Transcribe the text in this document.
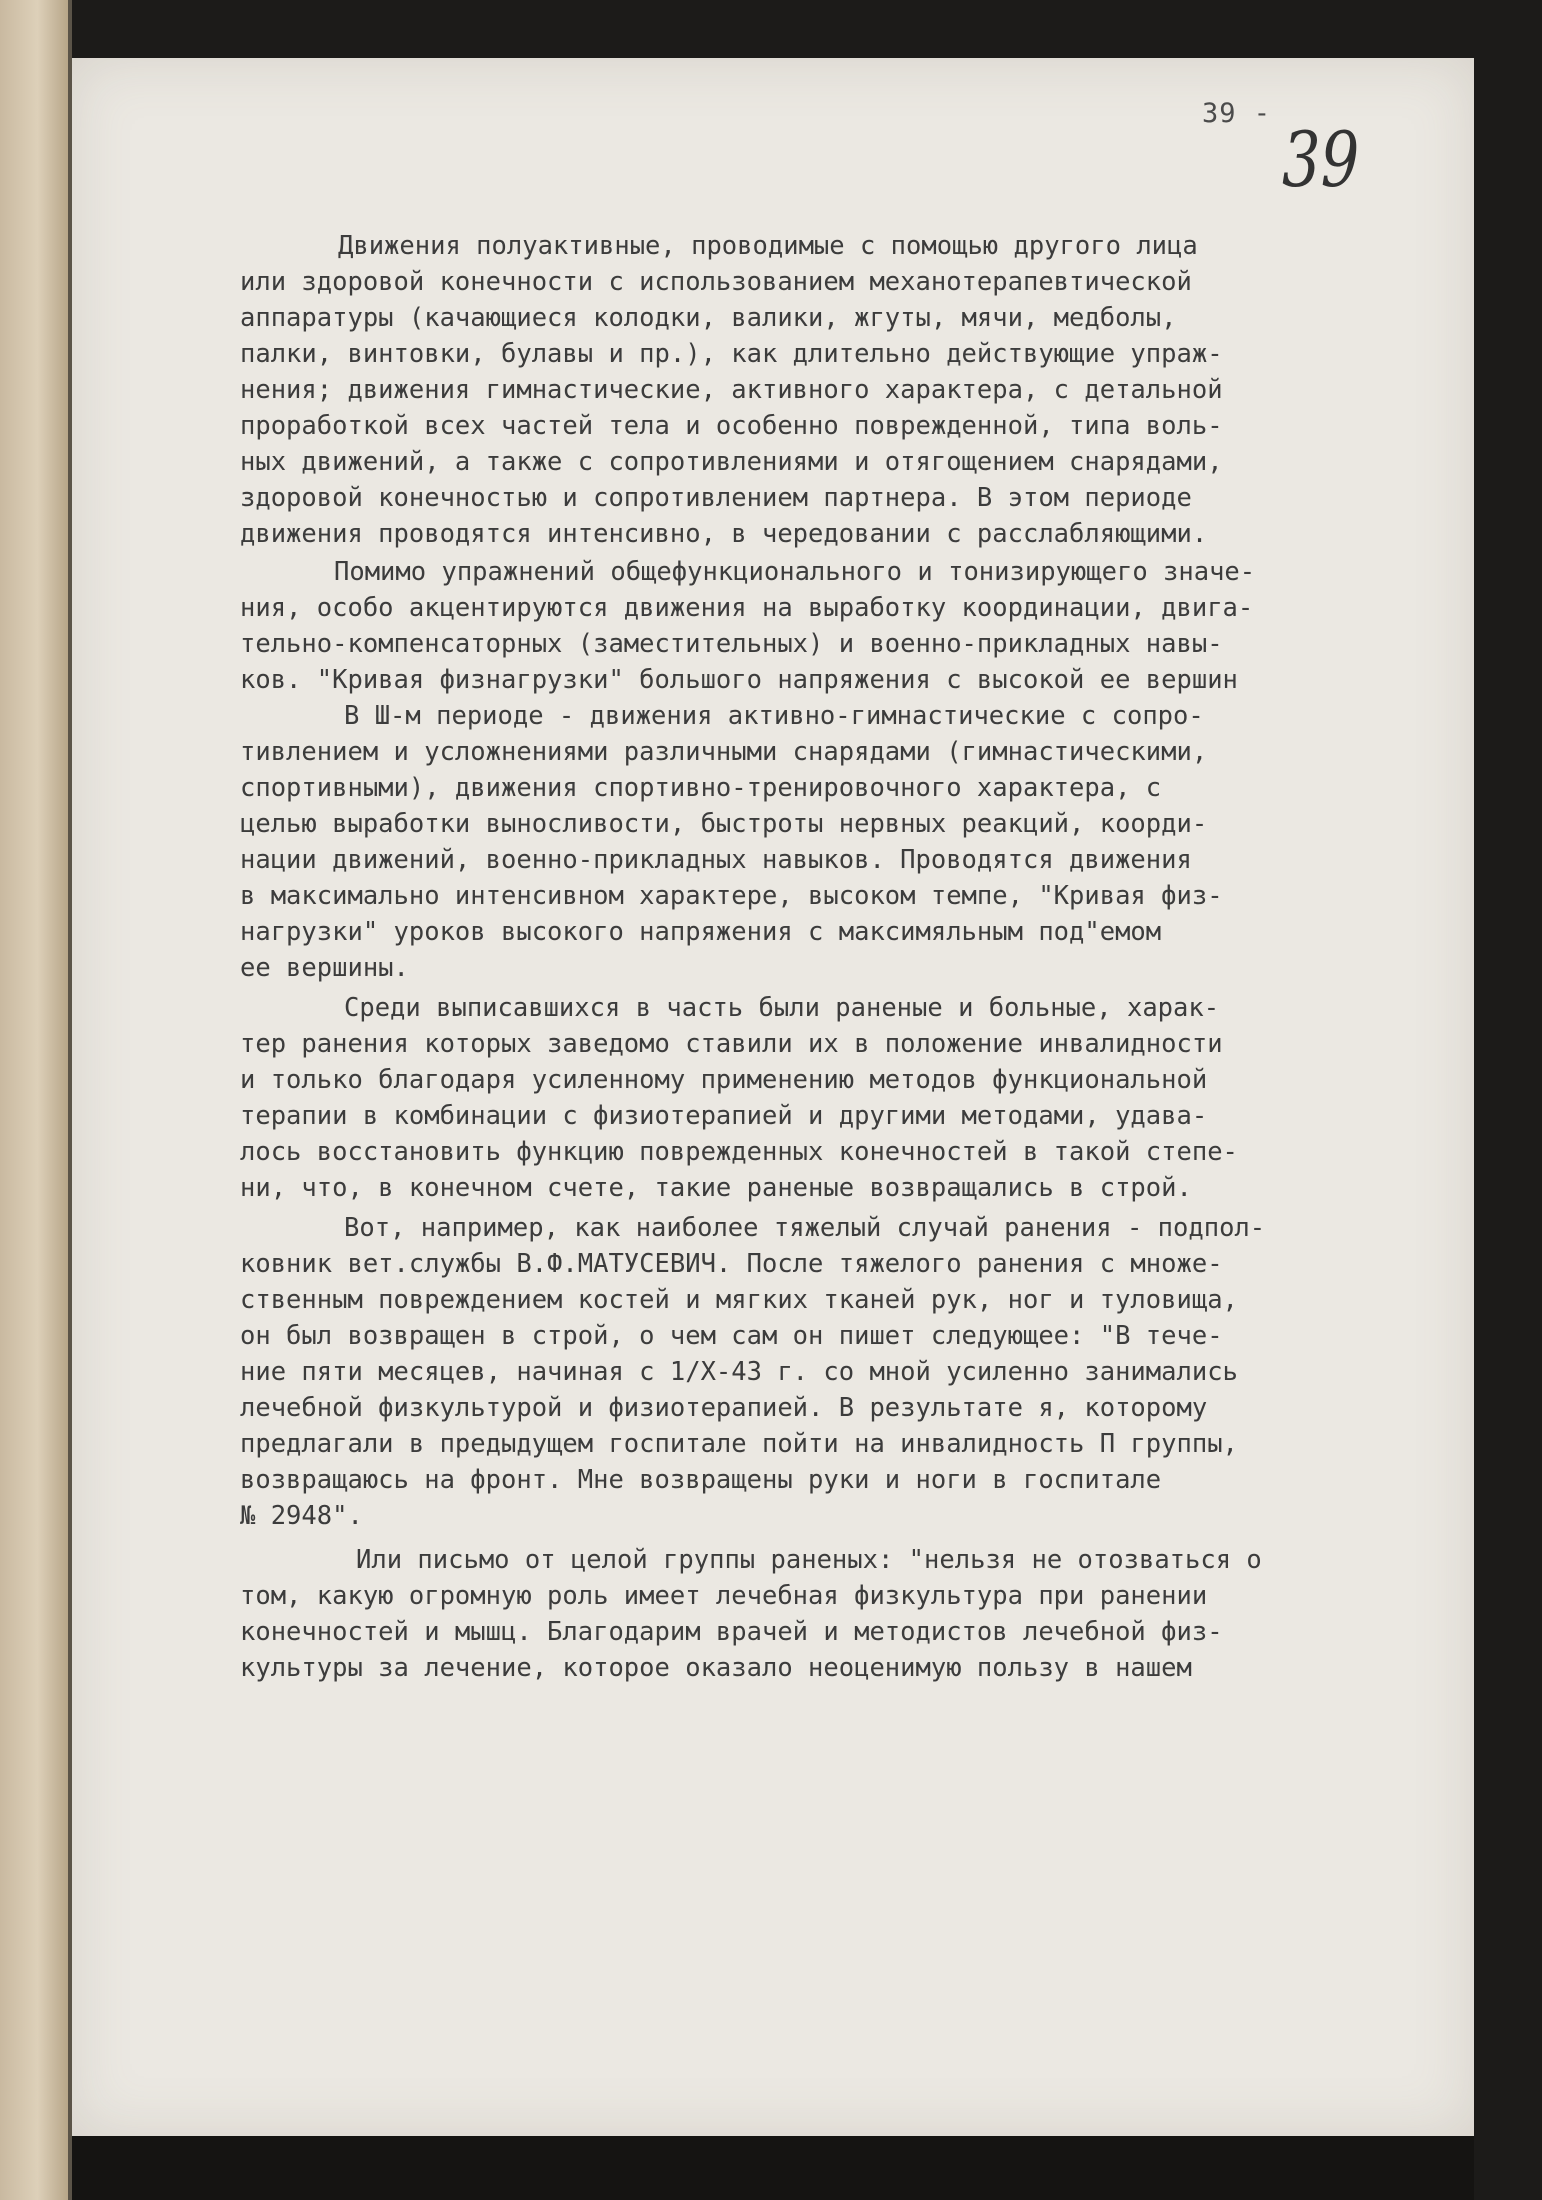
39 -

39

Движения полуактивные, проводимые с помощью другого лица

или здоровой конечности с использованием механотерапевтической

аппаратуры (качающиеся колодки, валики, жгуты, мячи, медболы,

палки, винтовки, булавы и пр.), как длительно действующие упраж-

нения; движения гимнастические, активного характера, с детальной

проработкой всех частей тела и особенно поврежденной, типа воль-

ных движений, а также с сопротивлениями и отягощением снарядами,

здоровой конечностью и сопротивлением партнера. В этом периоде

движения проводятся интенсивно, в чередовании с расслабляющими.

Помимо упражнений общефункционального и тонизирующего значе-

ния, особо акцентируются движения на выработку координации, двига-

тельно-компенсаторных (заместительных) и военно-прикладных навы-

ков. "Кривая физнагрузки" большого напряжения с высокой ее вершин

В Ш-м периоде - движения активно-гимнастические с сопро-

тивлением и усложнениями различными снарядами (гимнастическими,

спортивными), движения спортивно-тренировочного характера, с

целью выработки выносливости, быстроты нервных реакций, коорди-

нации движений, военно-прикладных навыков. Проводятся движения

в максимально интенсивном характере, высоком темпе, "Кривая физ-

нагрузки" уроков высокого напряжения с максимяльным под"емом

ее вершины.

Среди выписавшихся в часть были раненые и больные, харак-

тер ранения которых заведомо ставили их в положение инвалидности

и только благодаря усиленному применению методов функциональной

терапии в комбинации с физиотерапией и другими методами, удава-

лось восстановить функцию поврежденных конечностей в такой степе-

ни, что, в конечном счете, такие раненые возвращались в строй.

Вот, например, как наиболее тяжелый случай ранения - подпол-

ковник вет.службы В.Ф.МАТУСЕВИЧ. После тяжелого ранения с множе-

ственным повреждением костей и мягких тканей рук, ног и туловища,

он был возвращен в строй, о чем сам он пишет следующее: "В тече-

ние пяти месяцев, начиная с 1/Х-43 г. со мной усиленно занимались

лечебной физкультурой и физиотерапией. В результате я, которому

предлагали в предыдущем госпитале пойти на инвалидность П группы,

возвращаюсь на фронт. Мне возвращены руки и ноги в госпитале

№ 2948".

Или письмо от целой группы раненых: "нельзя не отозваться о

том, какую огромную роль имеет лечебная физкультура при ранении

конечностей и мышц. Благодарим врачей и методистов лечебной физ-

культуры за лечение, которое оказало неоценимую пользу в нашем
